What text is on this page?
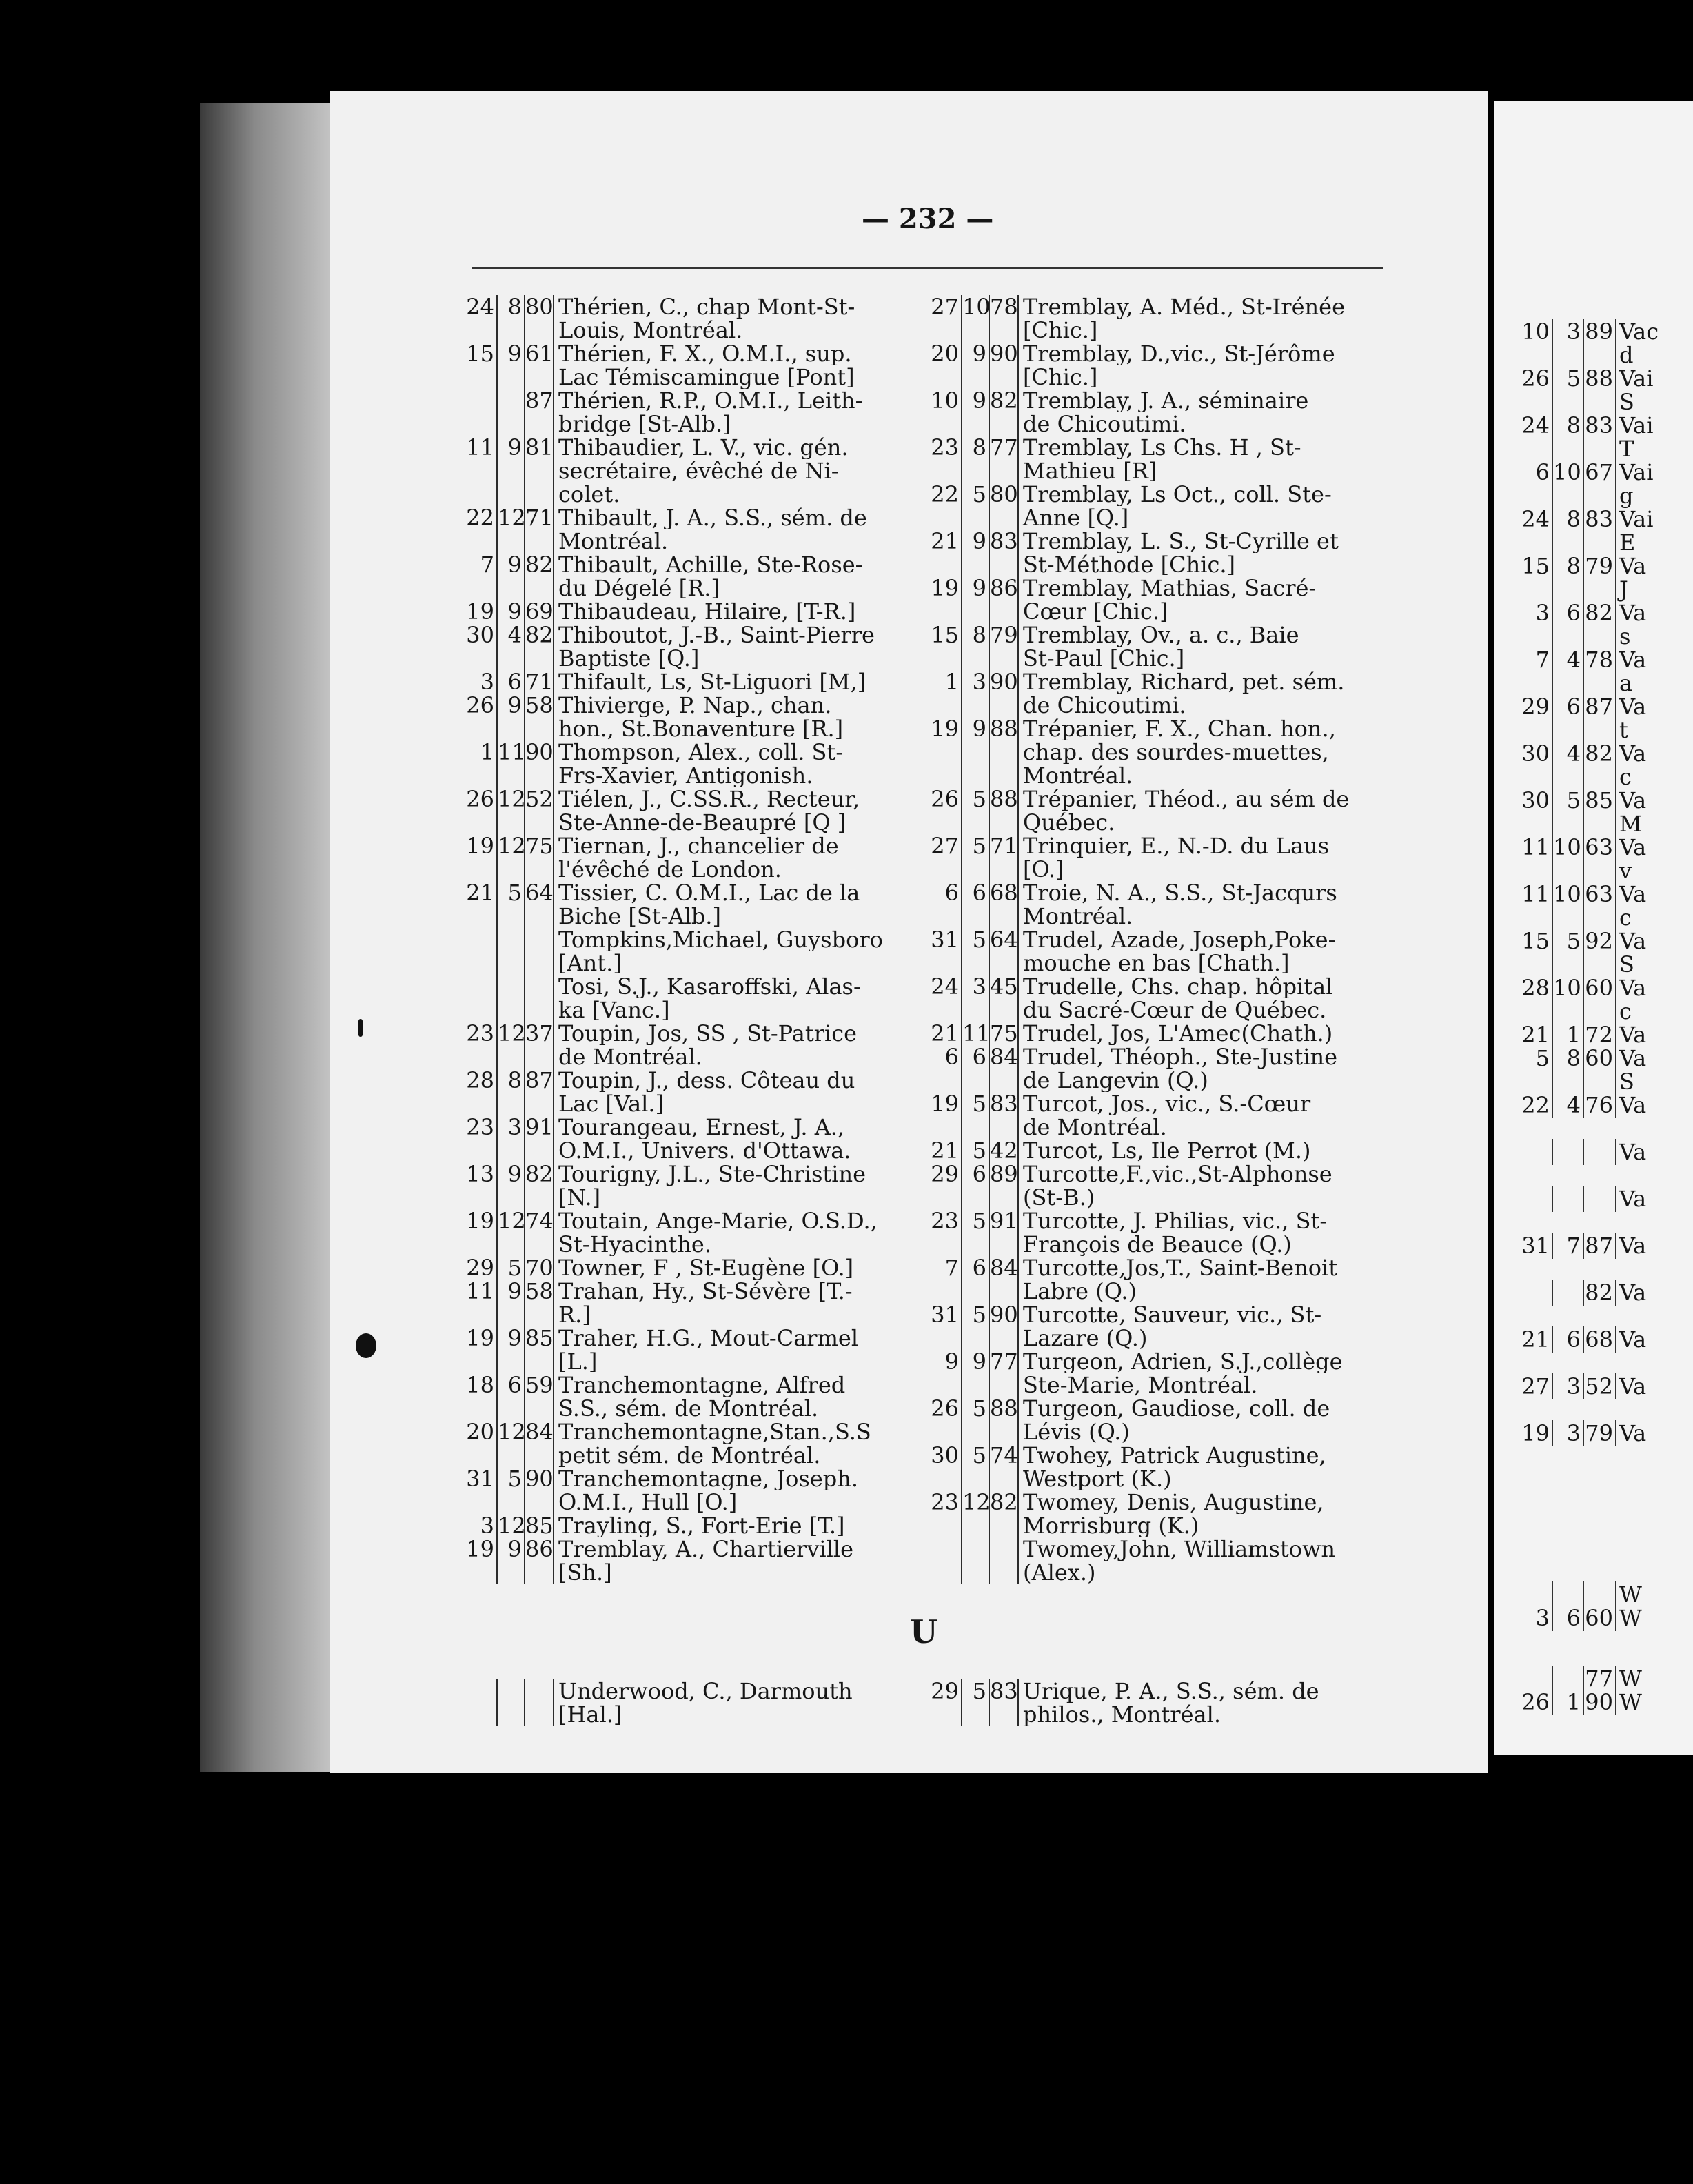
— 232 —
24 8 80 Thérien, C., chap Mont-St-
Louis, Montréal.
15 9 61 Thérien, F. X., O.M.I., sup.
Lac Témiscamingue [Pont]
87 Thérien, R.P., O.M.I., Leith-
bridge [St-Alb.]
11 9 81 Thibaudier, L. V., vic. gén.
secrétaire, évêché de Ni-
colet.
22 12 71 Thibault, J. A., S.S., sém. de
Montréal.
7 9 82 Thibault, Achille, Ste-Rose-
du Dégelé [R.]
19 9 69 Thibaudeau, Hilaire, [T-R.]
30 4 82 Thiboutot, J.-B., Saint-Pierre
Baptiste [Q.]
3 6 71 Thifault, Ls, St-Liguori [M,]
26 9 58 Thivierge, P. Nap., chan.
hon., St.Bonaventure [R.]
1 11 90 Thompson, Alex., coll. St-
Frs-Xavier, Antigonish.
26 12 52 Tiélen, J., C.SS.R., Recteur,
Ste-Anne-de-Beaupré [Q ]
19 12 75 Tiernan, J., chancelier de
l'évêché de London.
21 5 64 Tissier, C. O.M.I., Lac de la
Biche [St-Alb.]
Tompkins,Michael, Guysboro
[Ant.]
Tosi, S.J., Kasaroffski, Alas-
ka [Vanc.]
23 12 37 Toupin, Jos, SS , St-Patrice
de Montréal.
28 8 87 Toupin, J., dess. Côteau du
Lac [Val.]
23 3 91 Tourangeau, Ernest, J. A.,
O.M.I., Univers. d'Ottawa.
13 9 82 Tourigny, J.L., Ste-Christine
[N.]
19 12 74 Toutain, Ange-Marie, O.S.D.,
St-Hyacinthe.
29 5 70 Towner, F , St-Eugène [O.]
11 9 58 Trahan, Hy., St-Sévère [T.-
R.]
19 9 85 Traher, H.G., Mout-Carmel
[L.]
18 6 59 Tranchemontagne, Alfred
S.S., sém. de Montréal.
20 12 84 Tranchemontagne,Stan.,S.S
petit sém. de Montréal.
31 5 90 Tranchemontagne, Joseph.
O.M.I., Hull [O.]
3 12 85 Trayling, S., Fort-Erie [T.]
19 9 86 Tremblay, A., Chartierville
[Sh.]
27 10 78 Tremblay, A. Méd., St-Irénée
[Chic.]
20 9 90 Tremblay, D.,vic., St-Jérôme
[Chic.]
10 9 82 Tremblay, J. A., séminaire
de Chicoutimi.
23 8 77 Tremblay, Ls Chs. H , St-
Mathieu [R]
22 5 80 Tremblay, Ls Oct., coll. Ste-
Anne [Q.]
21 9 83 Tremblay, L. S., St-Cyrille et
St-Méthode [Chic.]
19 9 86 Tremblay, Mathias, Sacré-
Cœur [Chic.]
15 8 79 Tremblay, Ov., a. c., Baie
St-Paul [Chic.]
1 3 90 Tremblay, Richard, pet. sém.
de Chicoutimi.
19 9 88 Trépanier, F. X., Chan. hon.,
chap. des sourdes-muettes,
Montréal.
26 5 88 Trépanier, Théod., au sém de
Québec.
27 5 71 Trinquier, E., N.-D. du Laus
[O.]
6 6 68 Troie, N. A., S.S., St-Jacqurs
Montréal.
31 5 64 Trudel, Azade, Joseph,Poke-
mouche en bas [Chath.]
24 3 45 Trudelle, Chs. chap. hôpital
du Sacré-Cœur de Québec.
21 11 75 Trudel, Jos, L'Amec(Chath.)
6 6 84 Trudel, Théoph., Ste-Justine
de Langevin (Q.)
19 5 83 Turcot, Jos., vic., S.-Cœur
de Montréal.
21 5 42 Turcot, Ls, Ile Perrot (M.)
29 6 89 Turcotte,F.,vic.,St-Alphonse
(St-B.)
23 5 91 Turcotte, J. Philias, vic., St-
François de Beauce (Q.)
7 6 84 Turcotte,Jos,T., Saint-Benoit
Labre (Q.)
31 5 90 Turcotte, Sauveur, vic., St-
Lazare (Q.)
9 9 77 Turgeon, Adrien, S.J.,collège
Ste-Marie, Montréal.
26 5 88 Turgeon, Gaudiose, coll. de
Lévis (Q.)
30 5 74 Twohey, Patrick Augustine,
Westport (K.)
23 12 82 Twomey, Denis, Augustine,
Morrisburg (K.)
Twomey,John, Williamstown
(Alex.)
U
Underwood, C., Darmouth
[Hal.]
29 5 83 Urique, P. A., S.S., sém. de
philos., Montréal.
10 3 89 Vac
d
26 5 88 Vai
S
24 8 83 Vai
T
6 10 67 Vai
g
24 8 83 Vai
E
15 8 79 Va
J
3 6 82 Va
s
7 4 78 Va
a
29 6 87 Va
t
30 4 82 Va
c
30 5 85 Va
M
11 10 63 Va
v
11 10 63 Va
c
15 5 92 Va
S
28 10 60 Va
c
21 1 72 Va
5 8 60 Va
S
22 4 76 Va
Va
Va
31 7 87 Va
82 Va
21 6 68 Va
27 3 52 Va
19 3 79 Va
W
3 6 60 W
77 W
26 1 90 W
